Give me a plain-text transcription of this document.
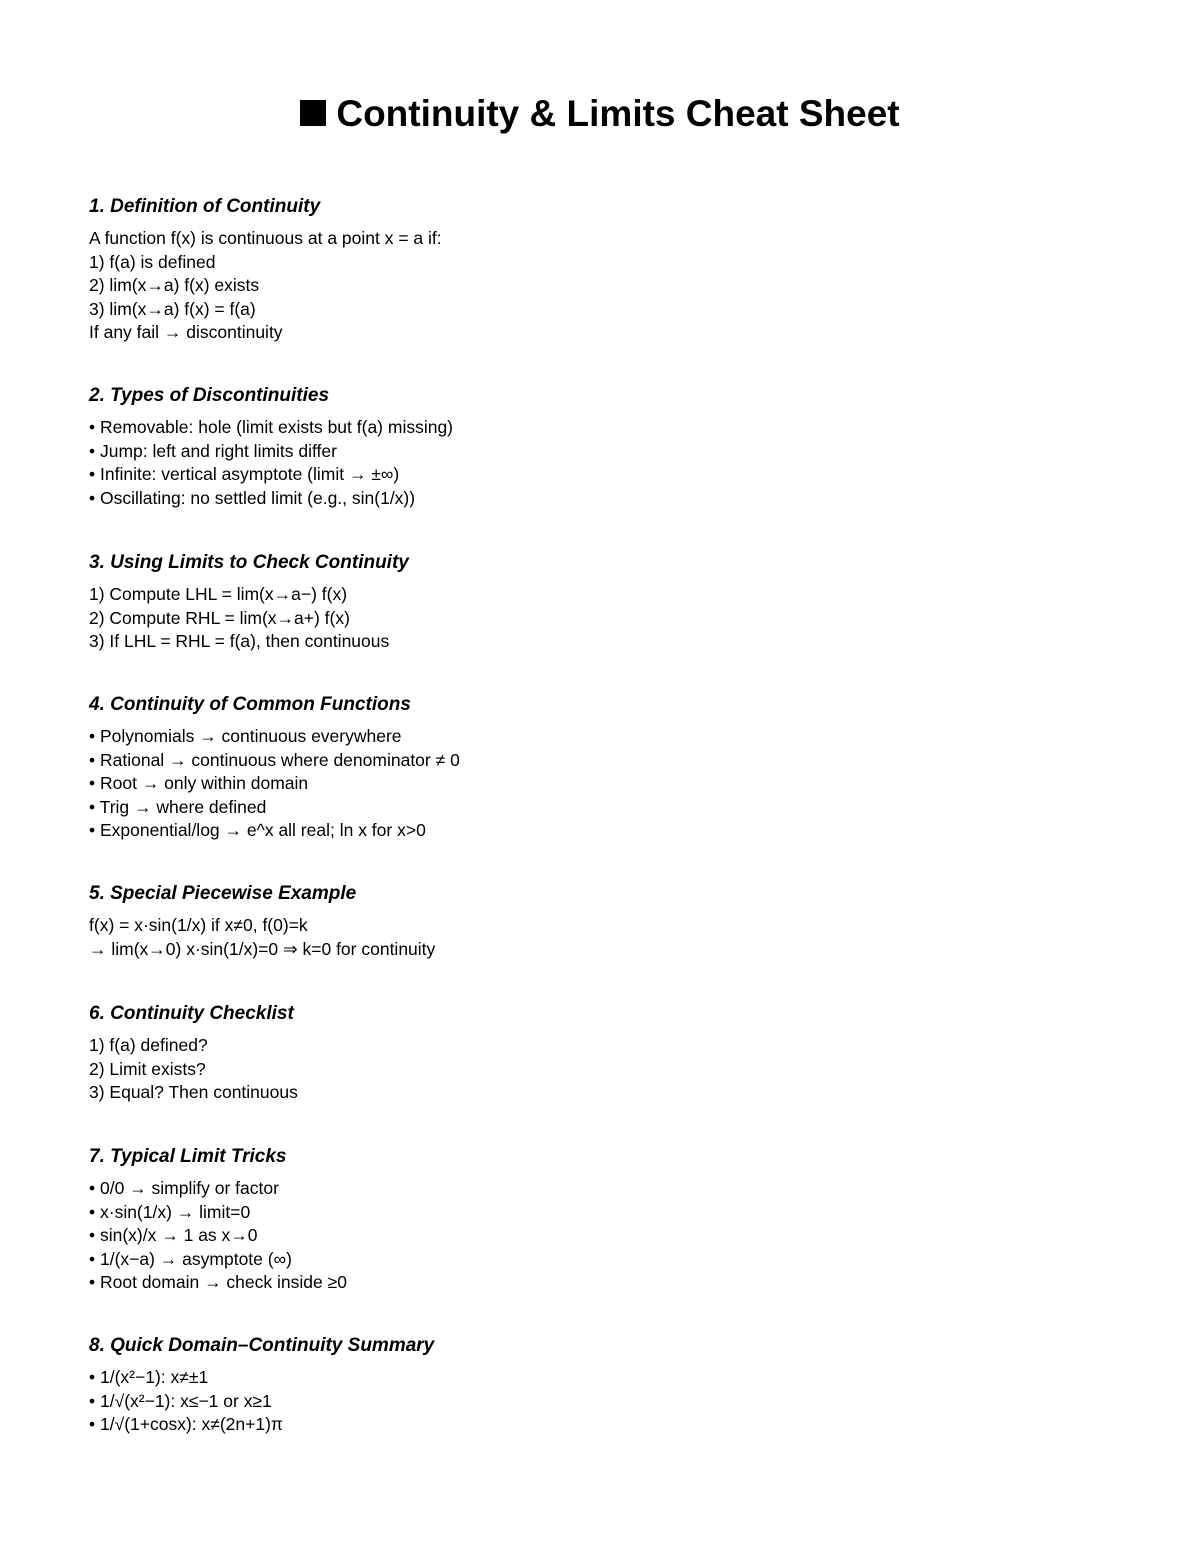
Continuity & Limits Cheat Sheet
1. Definition of Continuity
A function f(x) is continuous at a point x = a if:
1) f(a) is defined
2) lim(x→a) f(x) exists
3) lim(x→a) f(x) = f(a)
If any fail → discontinuity
2. Types of Discontinuities
• Removable: hole (limit exists but f(a) missing)
• Jump: left and right limits differ
• Infinite: vertical asymptote (limit → ±∞)
• Oscillating: no settled limit (e.g., sin(1/x))
3. Using Limits to Check Continuity
1) Compute LHL = lim(x→a−) f(x)
2) Compute RHL = lim(x→a+) f(x)
3) If LHL = RHL = f(a), then continuous
4. Continuity of Common Functions
• Polynomials → continuous everywhere
• Rational → continuous where denominator ≠ 0
• Root → only within domain
• Trig → where defined
• Exponential/log → e^x all real; ln x for x>0
5. Special Piecewise Example
f(x) = x·sin(1/x) if x≠0, f(0)=k
→ lim(x→0) x·sin(1/x)=0 ⇒ k=0 for continuity
6. Continuity Checklist
1) f(a) defined?
2) Limit exists?
3) Equal? Then continuous
7. Typical Limit Tricks
• 0/0 → simplify or factor
• x·sin(1/x) → limit=0
• sin(x)/x → 1 as x→0
• 1/(x−a) → asymptote (∞)
• Root domain → check inside ≥0
8. Quick Domain–Continuity Summary
• 1/(x²−1): x≠±1
• 1/√(x²−1): x≤−1 or x≥1
• 1/√(1+cosx): x≠(2n+1)π
